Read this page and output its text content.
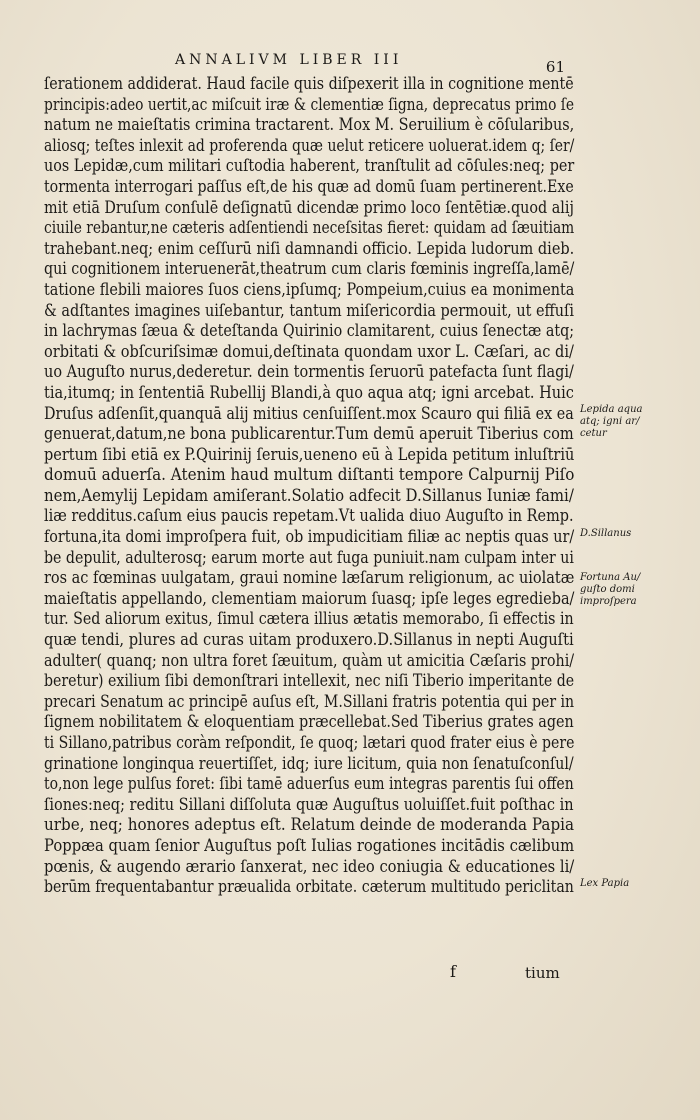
ANNALIVM LIBER III	61
ſerationem addiderat. Haud facile quis diſpexerit illa in cognitione mentē
principis:adeo uertit,ac miſcuit iræ & clementiæ ſigna, deprecatus primo ſe
natum ne maieſtatis crimina tractarent. Mox M. Seruilium è cōſularibus,
aliosq; teſtes inlexit ad proferenda quæ uelut reticere uoluerat.idem q; ſer/
uos Lepidæ,cum militari cuſtodia haberent, tranſtulit ad cōſules:neq; per
tormenta interrogari paſſus eſt,de his quæ ad domū ſuam pertinerent.Exe
mit etiā Druſum conſulē deſignatū dicendæ primo loco ſentētiæ.quod alij
ciuile rebantur,ne cæteris adſentiendi neceſsitas fieret: quidam ad ſæuitiam
trahebant.neq; enim ceſſurū niſi damnandi officio. Lepida ludorum dieb.
qui cognitionem interuenerāt,theatrum cum claris fœminis ingreſſa,lamē/
tatione flebili maiores ſuos ciens,ipſumq; Pompeium,cuius ea monimenta
& adſtantes imagines uiſebantur, tantum miſericordia permouit, ut effuſi
in lachrymas ſæua & deteſtanda Quirinio clamitarent, cuius ſenectæ atq;
orbitati & obſcuriſsimæ domui,deſtinata quondam uxor L. Cæſari, ac di/
uo Auguſto nurus,dederetur. dein tormentis ſeruorū patefacta ſunt flagi/
tia,itumq; in ſententiā Rubellij Blandi,à quo aqua atq; igni arcebat. Huic
Druſus adſenſit,quanquā alij mitius cenſuiſſent.mox Scauro qui filiā ex ea
genuerat,datum,ne bona publicarentur.Tum demū aperuit Tiberius com
pertum ſibi etiā ex P.Quirinij ſeruis,ueneno eū à Lepida petitum inluſtriū
domuū aduerſa. Atenim haud multum diſtanti tempore Calpurnij Piſo
nem,Aemylij Lepidam amiſerant.Solatio adfecit D.Sillanus Iuniæ fami/
liæ redditus.caſum eius paucis repetam.Vt ualida diuo Auguſto in Remp.
fortuna,ita domi improſpera fuit, ob impudicitiam filiæ ac neptis quas ur/
be depulit, adulterosq; earum morte aut fuga puniuit.nam culpam inter ui
ros ac fœminas uulgatam, graui nomine læſarum religionum, ac uiolatæ
maieſtatis appellando, clementiam maiorum ſuasq; ipſe leges egrediebа/
tur. Sed aliorum exitus, ſimul cætera illius ætatis memorabo, ſi effectis in
quæ tendi, plures ad curas uitam produxero.D.Sillanus in nepti Auguſti
adulter( quanq; non ultra foret ſæuitum, quàm ut amicitia Cæſaris prohi/
beretur) exilium ſibi demonſtrari intellexit, nec niſi Tiberio imperitante de
precari Senatum ac principē auſus eſt, M.Sillani fratris potentia qui per in
ſignem nobilitatem & eloquentiam præcellebat.Sed Tiberius grates agen
ti Sillano,patribus coràm reſpondit, ſe quoq; lætari quod frater eius è pere
grinatione longinqua reuertiſſet, idq; iure licitum, quia non ſenatuſconſul/
to,non lege pulſus foret: ſibi tamē aduerſus eum integras parentis ſui offen
ſiones:neq; reditu Sillani diſſoluta quæ Auguſtus uoluiſſet.fuit poſthac in
urbe, neq; honores adeptus eſt. Relatum deinde de moderanda Papia
Poppæa quam ſenior Auguſtus poſt Iulias rogationes incitādis cælibum
pœnis, & augendo ærario ſanxerat, nec ideo coniugia & educationes li/
berūm frequentabantur præualida orbitate. cæterum multitudo periclitan
Lepida aqua
atq; igni ar/
cetur
D.Sillanus
Fortuna Au/
guſto domi
improſpera
Lex Papia
f	tium
